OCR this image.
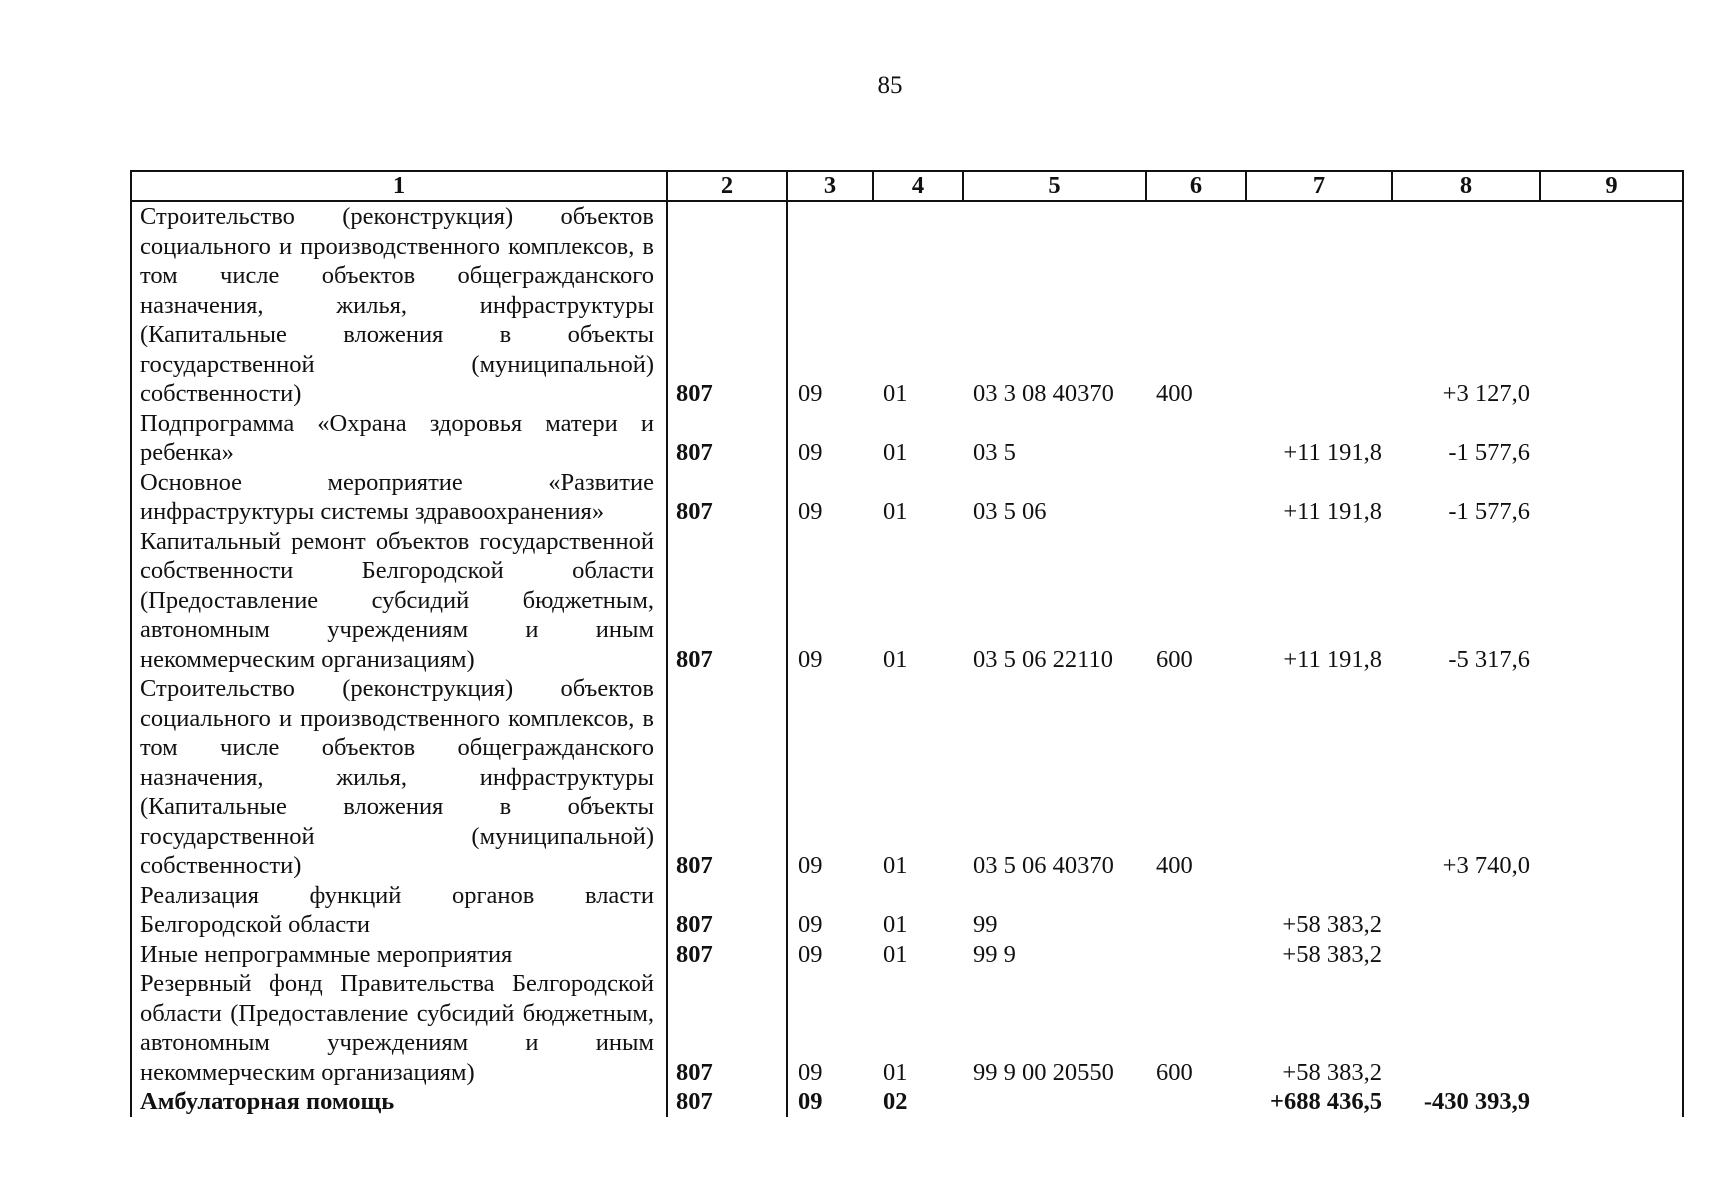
85
1	2	3	4	5	6	7	8	9
Строительство (реконструкция) объектов социального и производственного комплексов, в том числе объектов общегражданского назначения, жилья, инфраструктуры (Капитальные вложения в объекты государственной (муниципальной) собственности)	807	09	01	03 3 08 40370	400		+3 127,0	
Подпрограмма «Охрана здоровья матери и ребенка»	807	09	01	03 5		+11 191,8	-1 577,6	
Основное мероприятие «Развитие инфраструктуры системы здравоохранения»	807	09	01	03 5 06		+11 191,8	-1 577,6	
Капитальный ремонт объектов государственной собственности Белгородской области (Предоставление субсидий бюджетным, автономным учреждениям и иным некоммерческим организациям)	807	09	01	03 5 06 22110	600	+11 191,8	-5 317,6	
Строительство (реконструкция) объектов социального и производственного комплексов, в том числе объектов общегражданского назначения, жилья, инфраструктуры (Капитальные вложения в объекты государственной (муниципальной) собственности)	807	09	01	03 5 06 40370	400		+3 740,0	
Реализация функций органов власти Белгородской области	807	09	01	99		+58 383,2		
Иные непрограммные мероприятия	807	09	01	99 9		+58 383,2		
Резервный фонд Правительства Белгородской области (Предоставление субсидий бюджетным, автономным учреждениям и иным некоммерческим организациям)	807	09	01	99 9 00 20550	600	+58 383,2		
Амбулаторная помощь	807	09	02			+688 436,5	-430 393,9	
